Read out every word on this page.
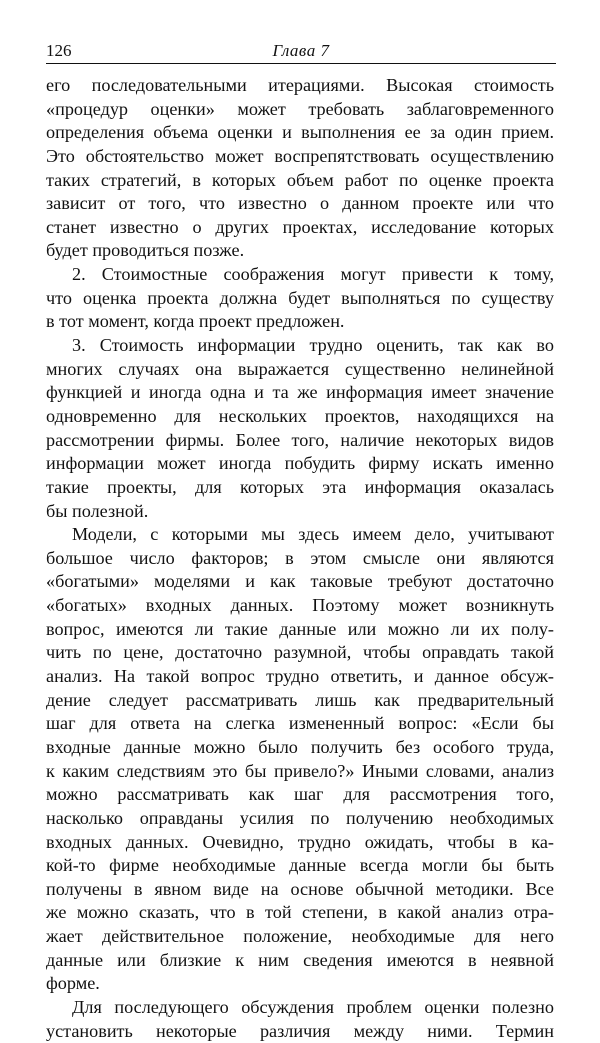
126	Глава 7
его последовательными итерациями. Высокая стоимость
«процедур оценки» может требовать заблаговременного
определения объема оценки и выполнения ее за один прием.
Это обстоятельство может воспрепятствовать осуществлению
таких стратегий, в которых объем работ по оценке проекта
зависит от того, что известно о данном проекте или что
станет известно о других проектах, исследование которых
будет проводиться позже.
2. Стоимостные соображения могут привести к тому,
что оценка проекта должна будет выполняться по существу
в тот момент, когда проект предложен.
3. Стоимость информации трудно оценить, так как во
многих случаях она выражается существенно нелинейной
функцией и иногда одна и та же информация имеет значение
одновременно для нескольких проектов, находящихся на
рассмотрении фирмы. Более того, наличие некоторых видов
информации может иногда побудить фирму искать именно
такие проекты, для которых эта информация оказалась
бы полезной.
Модели, с которыми мы здесь имеем дело, учитывают
большое число факторов; в этом смысле они являются
«богатыми» моделями и как таковые требуют достаточно
«богатых» входных данных. Поэтому может возникнуть
вопрос, имеются ли такие данные или можно ли их полу-
чить по цене, достаточно разумной, чтобы оправдать такой
анализ. На такой вопрос трудно ответить, и данное обсуж-
дение следует рассматривать лишь как предварительный
шаг для ответа на слегка измененный вопрос: «Если бы
входные данные можно было получить без особого труда,
к каким следствиям это бы привело?» Иными словами, анализ
можно рассматривать как шаг для рассмотрения того,
насколько оправданы усилия по получению необходимых
входных данных. Очевидно, трудно ожидать, чтобы в ка-
кой-то фирме необходимые данные всегда могли бы быть
получены в явном виде на основе обычной методики. Все
же можно сказать, что в той степени, в какой анализ отра-
жает действительное положение, необходимые для него
данные или близкие к ним сведения имеются в неявной
форме.
Для последующего обсуждения проблем оценки полезно
установить некоторые различия между ними. Термин
